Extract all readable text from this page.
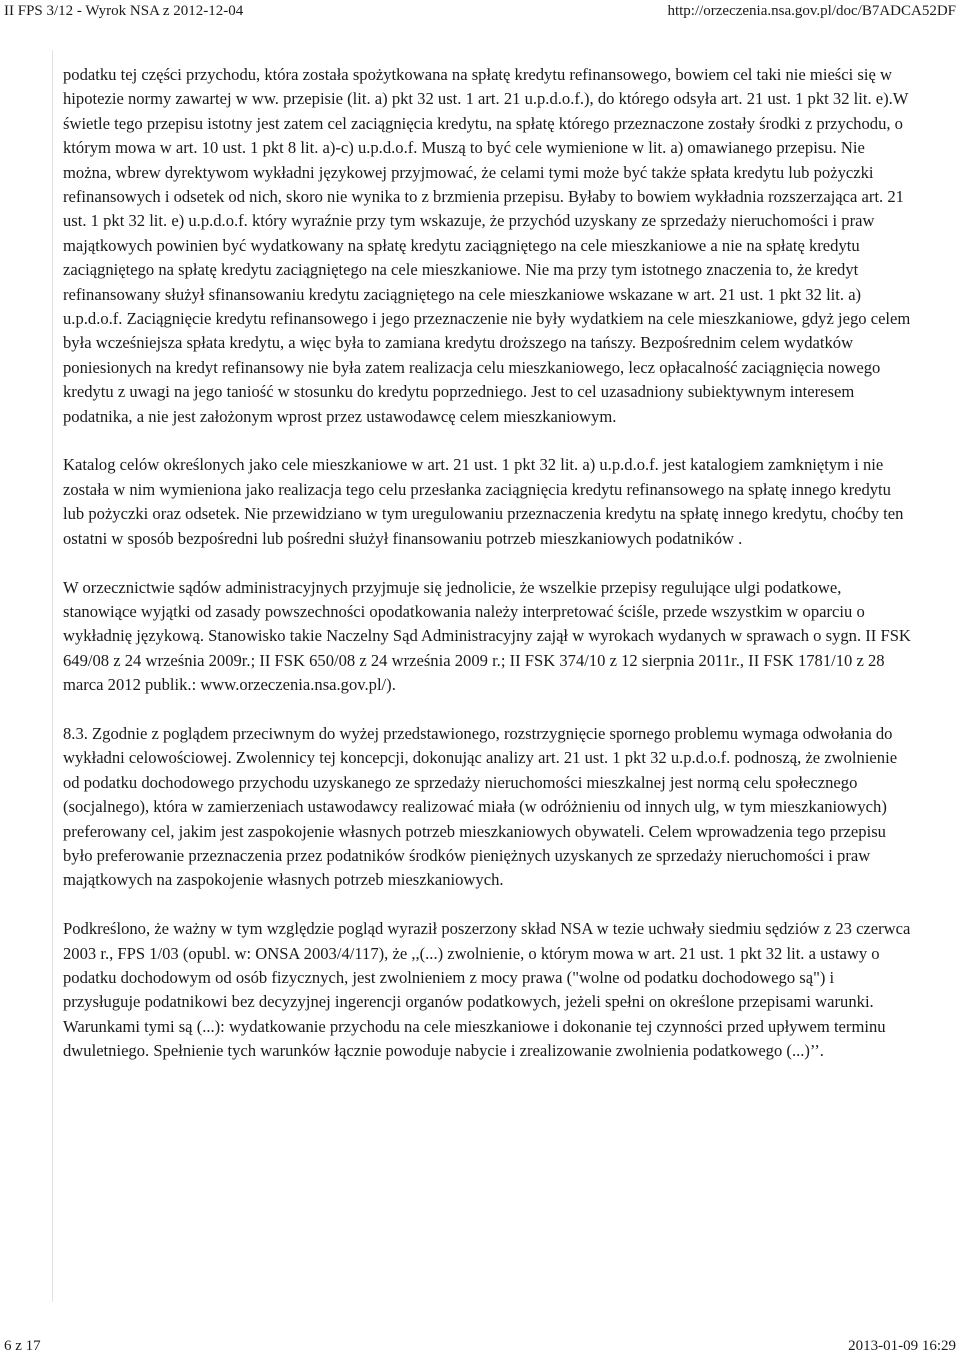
II FPS 3/12 - Wyrok NSA z 2012-12-04	http://orzeczenia.nsa.gov.pl/doc/B7ADCA52DF

podatku tej części przychodu, która została spożytkowana na spłatę kredytu refinansowego, bowiem cel taki nie mieści się w hipotezie normy zawartej w ww. przepisie (lit. a) pkt 32 ust. 1 art. 21 u.p.d.o.f.), do którego odsyła art. 21 ust. 1 pkt 32 lit. e).W świetle tego przepisu istotny jest zatem cel zaciągnięcia kredytu, na spłatę którego przeznaczone zostały środki z przychodu, o którym mowa w art. 10 ust. 1 pkt 8 lit. a)-c) u.p.d.o.f. Muszą to być cele wymienione w lit. a) omawianego przepisu. Nie można, wbrew dyrektywom wykładni językowej przyjmować, że celami tymi może być także spłata kredytu lub pożyczki refinansowych i odsetek od nich, skoro nie wynika to z brzmienia przepisu. Byłaby to bowiem wykładnia rozszerzająca art. 21 ust. 1 pkt 32 lit. e) u.p.d.o.f. który wyraźnie przy tym wskazuje, że przychód uzyskany ze sprzedaży nieruchomości i praw majątkowych powinien być wydatkowany na spłatę kredytu zaciągniętego na cele mieszkaniowe a nie na spłatę kredytu zaciągniętego na spłatę kredytu zaciągniętego na cele mieszkaniowe. Nie ma przy tym istotnego znaczenia to, że kredyt refinansowany służył sfinansowaniu kredytu zaciągniętego na cele mieszkaniowe wskazane w art. 21 ust. 1 pkt 32 lit. a) u.p.d.o.f. Zaciągnięcie kredytu refinansowego i jego przeznaczenie nie były wydatkiem na cele mieszkaniowe, gdyż jego celem była wcześniejsza spłata kredytu, a więc była to zamiana kredytu droższego na tańszy. Bezpośrednim celem wydatków poniesionych na kredyt refinansowy nie była zatem realizacja celu mieszkaniowego, lecz opłacalność zaciągnięcia nowego kredytu z uwagi na jego taniość w stosunku do kredytu poprzedniego. Jest to cel uzasadniony subiektywnym interesem podatnika, a nie jest założonym wprost przez ustawodawcę celem mieszkaniowym.

Katalog celów określonych jako cele mieszkaniowe w art. 21 ust. 1 pkt 32 lit. a) u.p.d.o.f. jest katalogiem zamkniętym i nie została w nim wymieniona jako realizacja tego celu przesłanka zaciągnięcia kredytu refinansowego na spłatę innego kredytu lub pożyczki oraz odsetek. Nie przewidziano w tym uregulowaniu przeznaczenia kredytu na spłatę innego kredytu, choćby ten ostatni w sposób bezpośredni lub pośredni służył finansowaniu potrzeb mieszkaniowych podatników .

W orzecznictwie sądów administracyjnych przyjmuje się jednolicie, że wszelkie przepisy regulujące ulgi podatkowe, stanowiące wyjątki od zasady powszechności opodatkowania należy interpretować ściśle, przede wszystkim w oparciu o wykładnię językową. Stanowisko takie Naczelny Sąd Administracyjny zajął w wyrokach wydanych w sprawach o sygn. II FSK 649/08 z 24 września 2009r.; II FSK 650/08 z 24 września 2009 r.; II FSK 374/10 z 12 sierpnia 2011r., II FSK 1781/10 z 28 marca 2012 publik.: www.orzeczenia.nsa.gov.pl/).

8.3. Zgodnie z poglądem przeciwnym do wyżej przedstawionego, rozstrzygnięcie spornego problemu wymaga odwołania do wykładni celowościowej. Zwolennicy tej koncepcji, dokonując analizy art. 21 ust. 1 pkt 32 u.p.d.o.f. podnoszą, że zwolnienie od podatku dochodowego przychodu uzyskanego ze sprzedaży nieruchomości mieszkalnej jest normą celu społecznego (socjalnego), która w zamierzeniach ustawodawcy realizować miała (w odróżnieniu od innych ulg, w tym mieszkaniowych) preferowany cel, jakim jest zaspokojenie własnych potrzeb mieszkaniowych obywateli. Celem wprowadzenia tego przepisu było preferowanie przeznaczenia przez podatników środków pieniężnych uzyskanych ze sprzedaży nieruchomości i praw majątkowych na zaspokojenie własnych potrzeb mieszkaniowych.

Podkreślono, że ważny w tym względzie pogląd wyraził poszerzony skład NSA w tezie uchwały siedmiu sędziów z 23 czerwca 2003 r., FPS 1/03 (opubl. w: ONSA 2003/4/117), że ,,(...) zwolnienie, o którym mowa w art. 21 ust. 1 pkt 32 lit. a ustawy o podatku dochodowym od osób fizycznych, jest zwolnieniem z mocy prawa ("wolne od podatku dochodowego są") i przysługuje podatnikowi bez decyzyjnej ingerencji organów podatkowych, jeżeli spełni on określone przepisami warunki. Warunkami tymi są (...): wydatkowanie przychodu na cele mieszkaniowe i dokonanie tej czynności przed upływem terminu dwuletniego. Spełnienie tych warunków łącznie powoduje nabycie i zrealizowanie zwolnienia podatkowego (...)’’.

6 z 17	2013-01-09 16:29
